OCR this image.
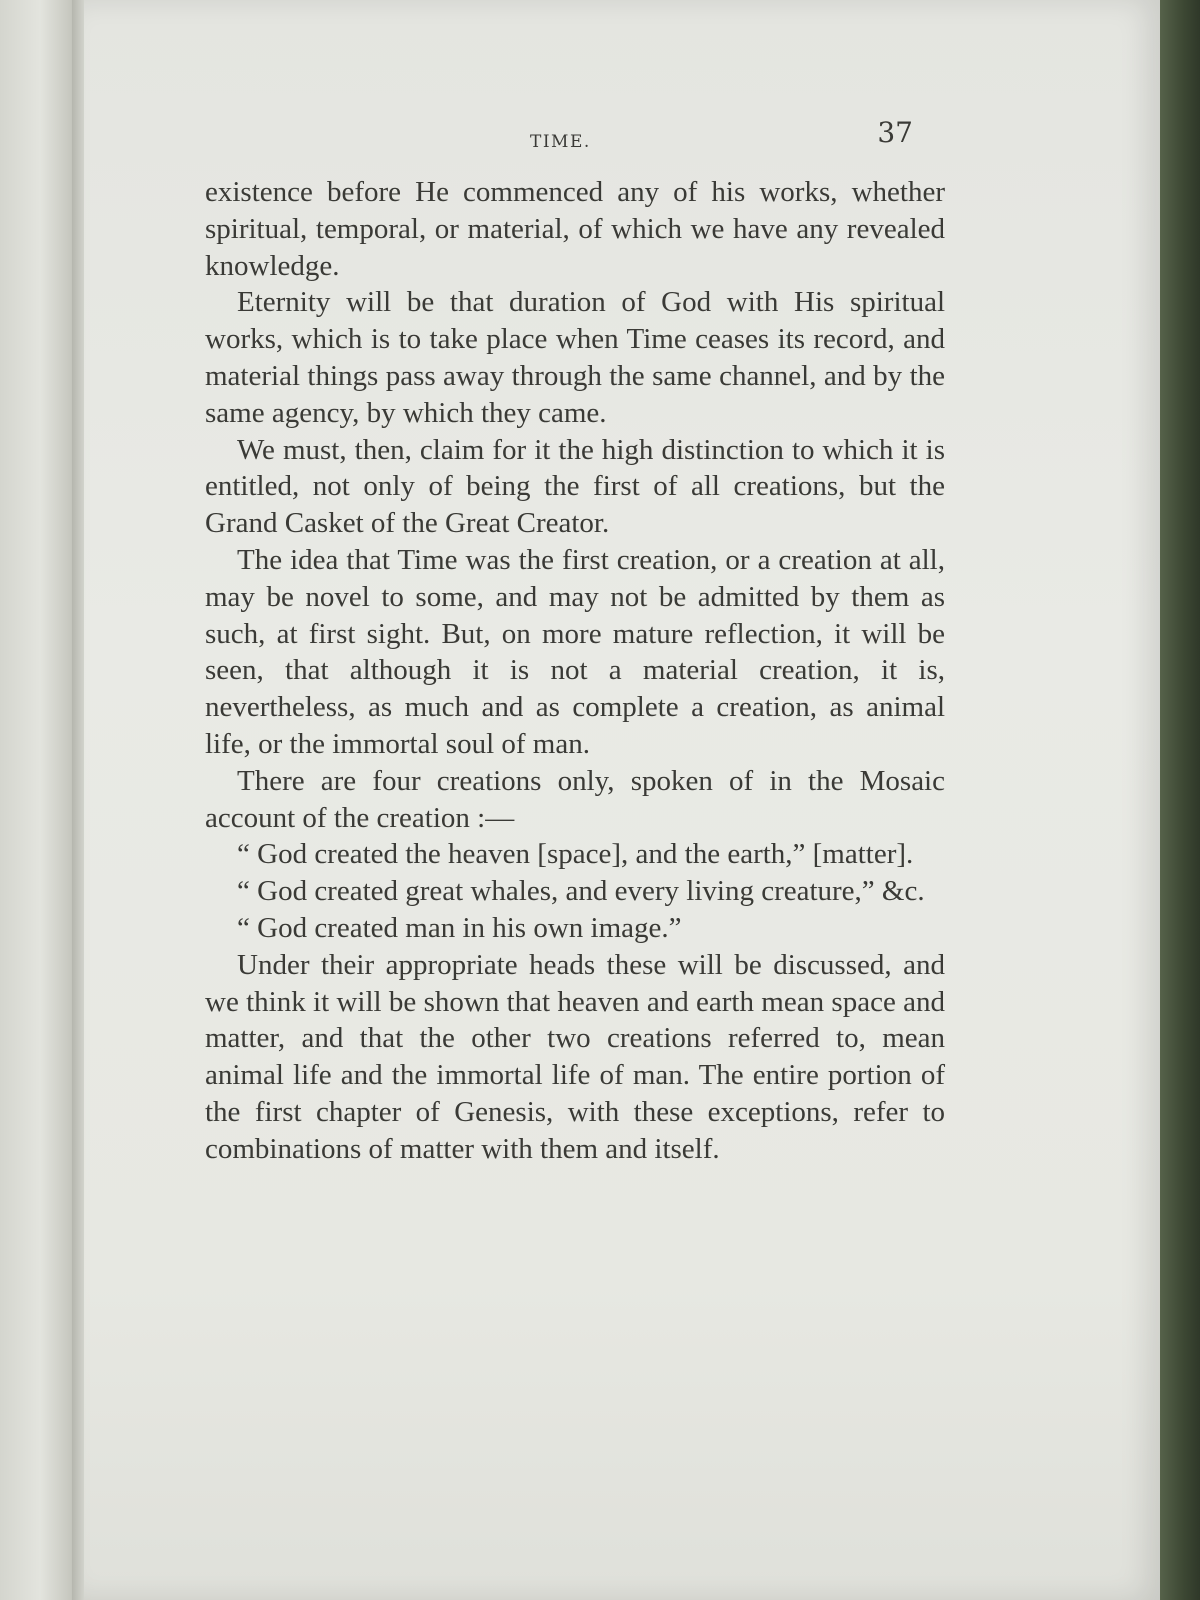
TIME.	37

existence before He commenced any of his works, whether spiritual, temporal, or material, of which we have any revealed knowledge.

Eternity will be that duration of God with His spiritual works, which is to take place when Time ceases its record, and material things pass away through the same channel, and by the same agency, by which they came.

We must, then, claim for it the high distinction to which it is entitled, not only of being the first of all creations, but the Grand Casket of the Great Creator.

The idea that Time was the first creation, or a creation at all, may be novel to some, and may not be admitted by them as such, at first sight. But, on more mature reflection, it will be seen, that although it is not a material creation, it is, nevertheless, as much and as complete a creation, as animal life, or the immortal soul of man.

There are four creations only, spoken of in the Mosaic account of the creation :—

“ God created the heaven [space], and the earth,” [matter].

“ God created great whales, and every living creature,” &c.

“ God created man in his own image.”

Under their appropriate heads these will be discussed, and we think it will be shown that heaven and earth mean space and matter, and that the other two creations referred to, mean animal life and the immortal life of man. The entire portion of the first chapter of Genesis, with these exceptions, refer to combinations of matter with them and itself.
